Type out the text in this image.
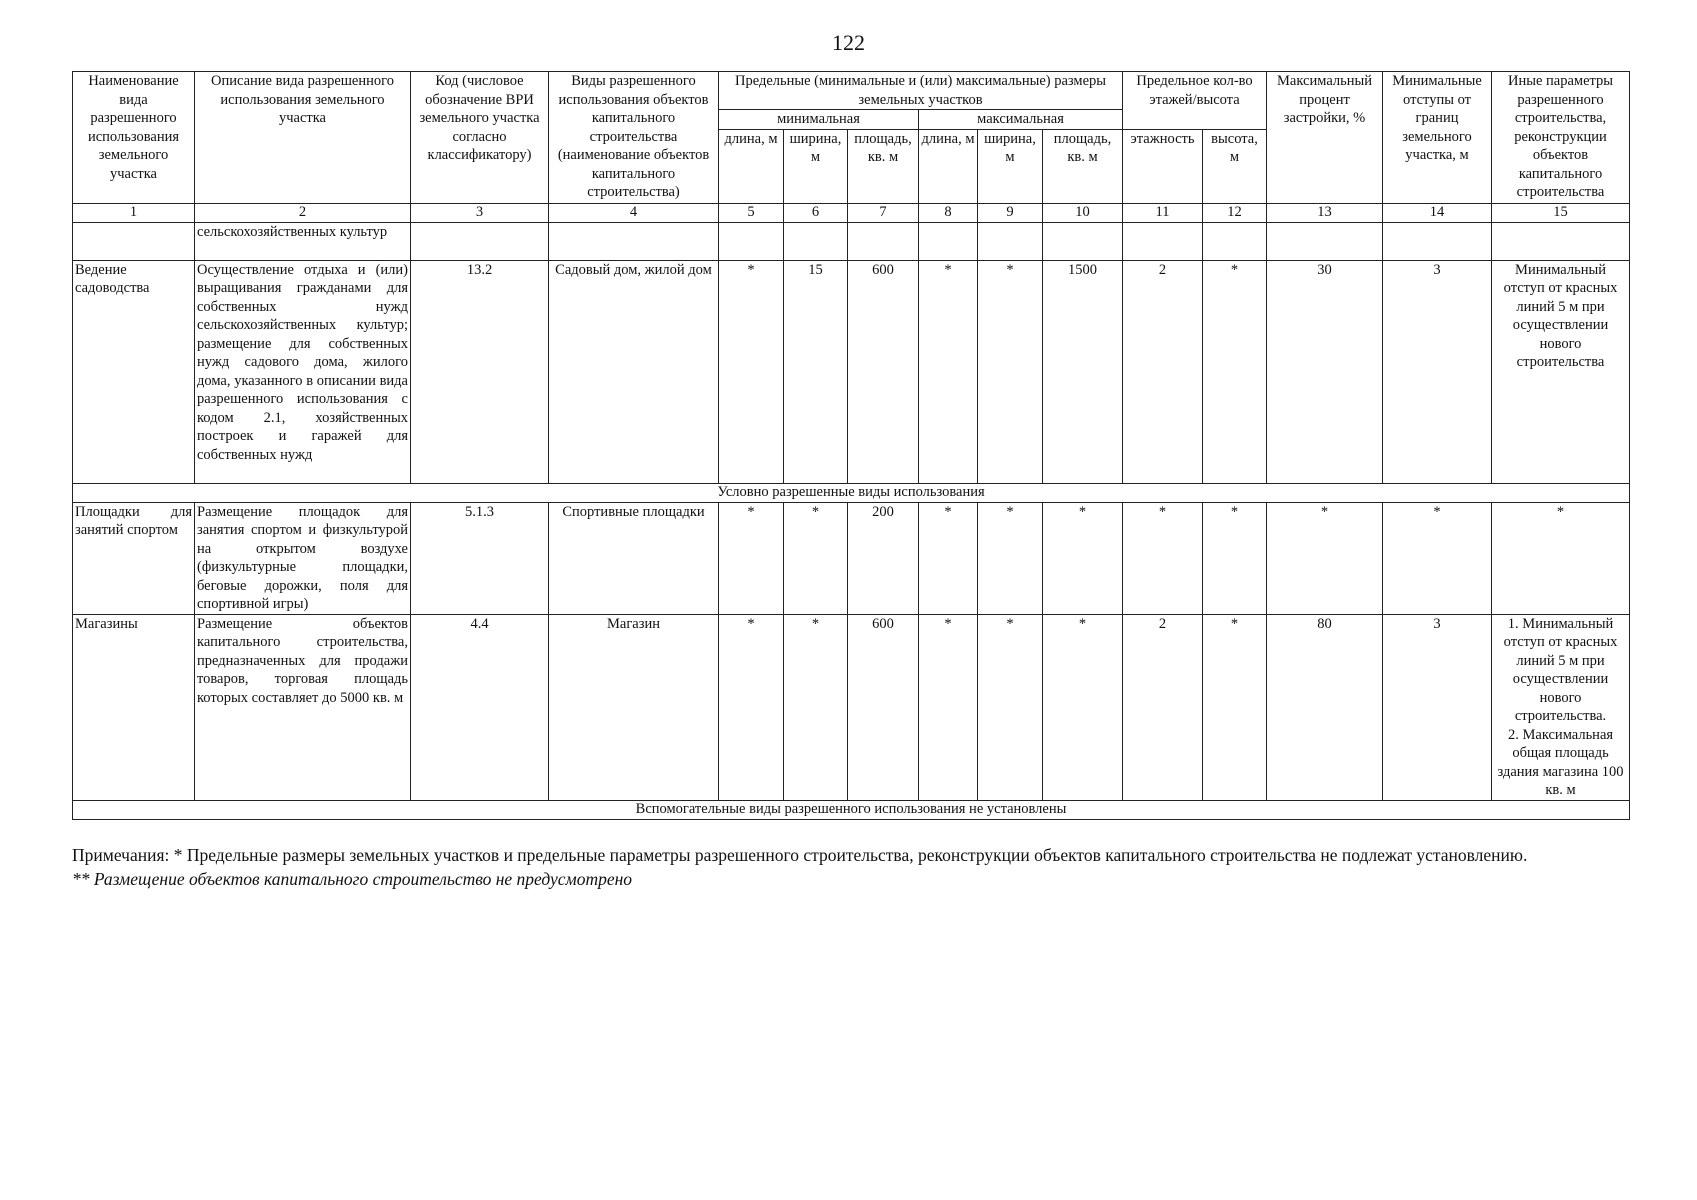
122
Наименование вида разрешенного использования земельного участка	Описание вида разрешенного использования земельного участка	Код (числовое обозначение ВРИ земельного участка согласно классификатору)	Виды разрешенного использования объектов капитального строительства (наименование объектов капитального строительства)	Предельные (минимальные и (или) максимальные) размеры земельных участков						Предельное кол-во этажей/высота		Максимальный процент застройки, %	Минимальные отступы от границ земельного участка, м	Иные параметры разрешенного строительства, реконструкции объектов капитального строительства
				минимальная			максимальная							
				длина, м	ширина, м	площадь, кв. м	длина, м	ширина, м	площадь, кв. м	этажность	высота, м			
1	2	3	4	5	6	7	8	9	10	11	12	13	14	15
	сельскохозяйственных культур													
Ведение садоводства	Осуществление отдыха и (или) выращивания гражданами для собственных нужд сельскохозяйственных культур; размещение для собственных нужд садового дома, жилого дома, указанного в описании вида разрешенного использования с кодом 2.1, хозяйственных построек и гаражей для собственных нужд	13.2	Садовый дом, жилой дом	*	15	600	*	*	1500	2	*	30	3	Минимальный отступ от красных линий 5 м при осуществлении нового строительства
Условно разрешенные виды использования														
Площадки для занятий спортом	Размещение площадок для занятия спортом и физкультурой на открытом воздухе (физкультурные площадки, беговые дорожки, поля для спортивной игры)	5.1.3	Спортивные площадки	*	*	200	*	*	*	*	*	*	*	*
Магазины	Размещение объектов капитального строительства, предназначенных для продажи товаров, торговая площадь которых составляет до 5000 кв. м	4.4	Магазин	*	*	600	*	*	*	2	*	80	3	1. Минимальный отступ от красных линий 5 м при осуществлении нового строительства.
2. Максимальная общая площадь здания магазина 100 кв. м

Вспомогательные виды разрешенного использования не установлены														

Примечания: * Предельные размеры земельных участков и предельные параметры разрешенного строительства, реконструкции объектов капитального строительства не подлежат установлению.

** Размещение объектов капитального строительство не предусмотрено
